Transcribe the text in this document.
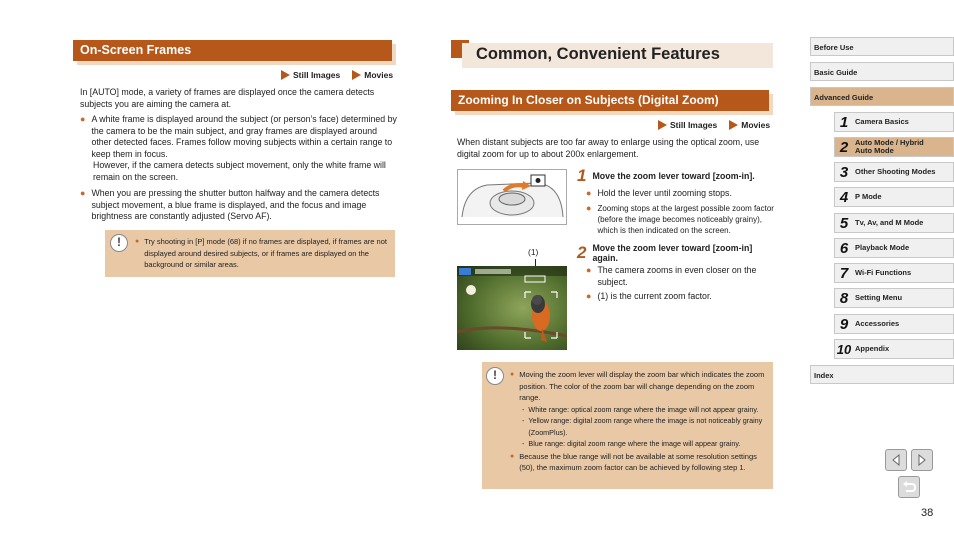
On-Screen Frames
Still Images	Movies
In [AUTO] mode, a variety of frames are displayed once the camera detects subjects you are aiming the camera at.
● A white frame is displayed around the subject (or person’s face) determined by the camera to be the main subject, and gray frames are displayed around other detected faces. Frames follow moving subjects within a certain range to keep them in focus.
However, if the camera detects subject movement, only the white frame will remain on the screen.
● When you are pressing the shutter button halfway and the camera detects subject movement, a blue frame is displayed, and the focus and image brightness are constantly adjusted (Servo AF).
!	● Try shooting in [P] mode (68) if no frames are displayed, if frames are not displayed around desired subjects, or if frames are displayed on the background or similar areas.
Common, Convenient Features
Zooming In Closer on Subjects (Digital Zoom)
Still Images	Movies
When distant subjects are too far away to enlarge using the optical zoom, use digital zoom for up to about 200x enlargement.
(1)
1 Move the zoom lever toward [zoom-in].
● Hold the lever until zooming stops.
● Zooming stops at the largest possible zoom factor (before the image becomes noticeably grainy), which is then indicated on the screen.
2 Move the zoom lever toward [zoom-in] again.
● The camera zooms in even closer on the subject.
● (1) is the current zoom factor.
!	● Moving the zoom lever will display the zoom bar which indicates the zoom position. The color of the zoom bar will change depending on the zoom range.
- White range: optical zoom range where the image will not appear grainy.
- Yellow range: digital zoom range where the image is not noticeably grainy (ZoomPlus).
- Blue range: digital zoom range where the image will appear grainy.
● Because the blue range will not be available at some resolution settings (50), the maximum zoom factor can be achieved by following step 1.
Before Use
Basic Guide
Advanced Guide
1 Camera Basics
2 Auto Mode / Hybrid Auto Mode
3 Other Shooting Modes
4 P Mode
5 Tv, Av, and M Mode
6 Playback Mode
7 Wi-Fi Functions
8 Setting Menu
9 Accessories
10 Appendix
Index
38
